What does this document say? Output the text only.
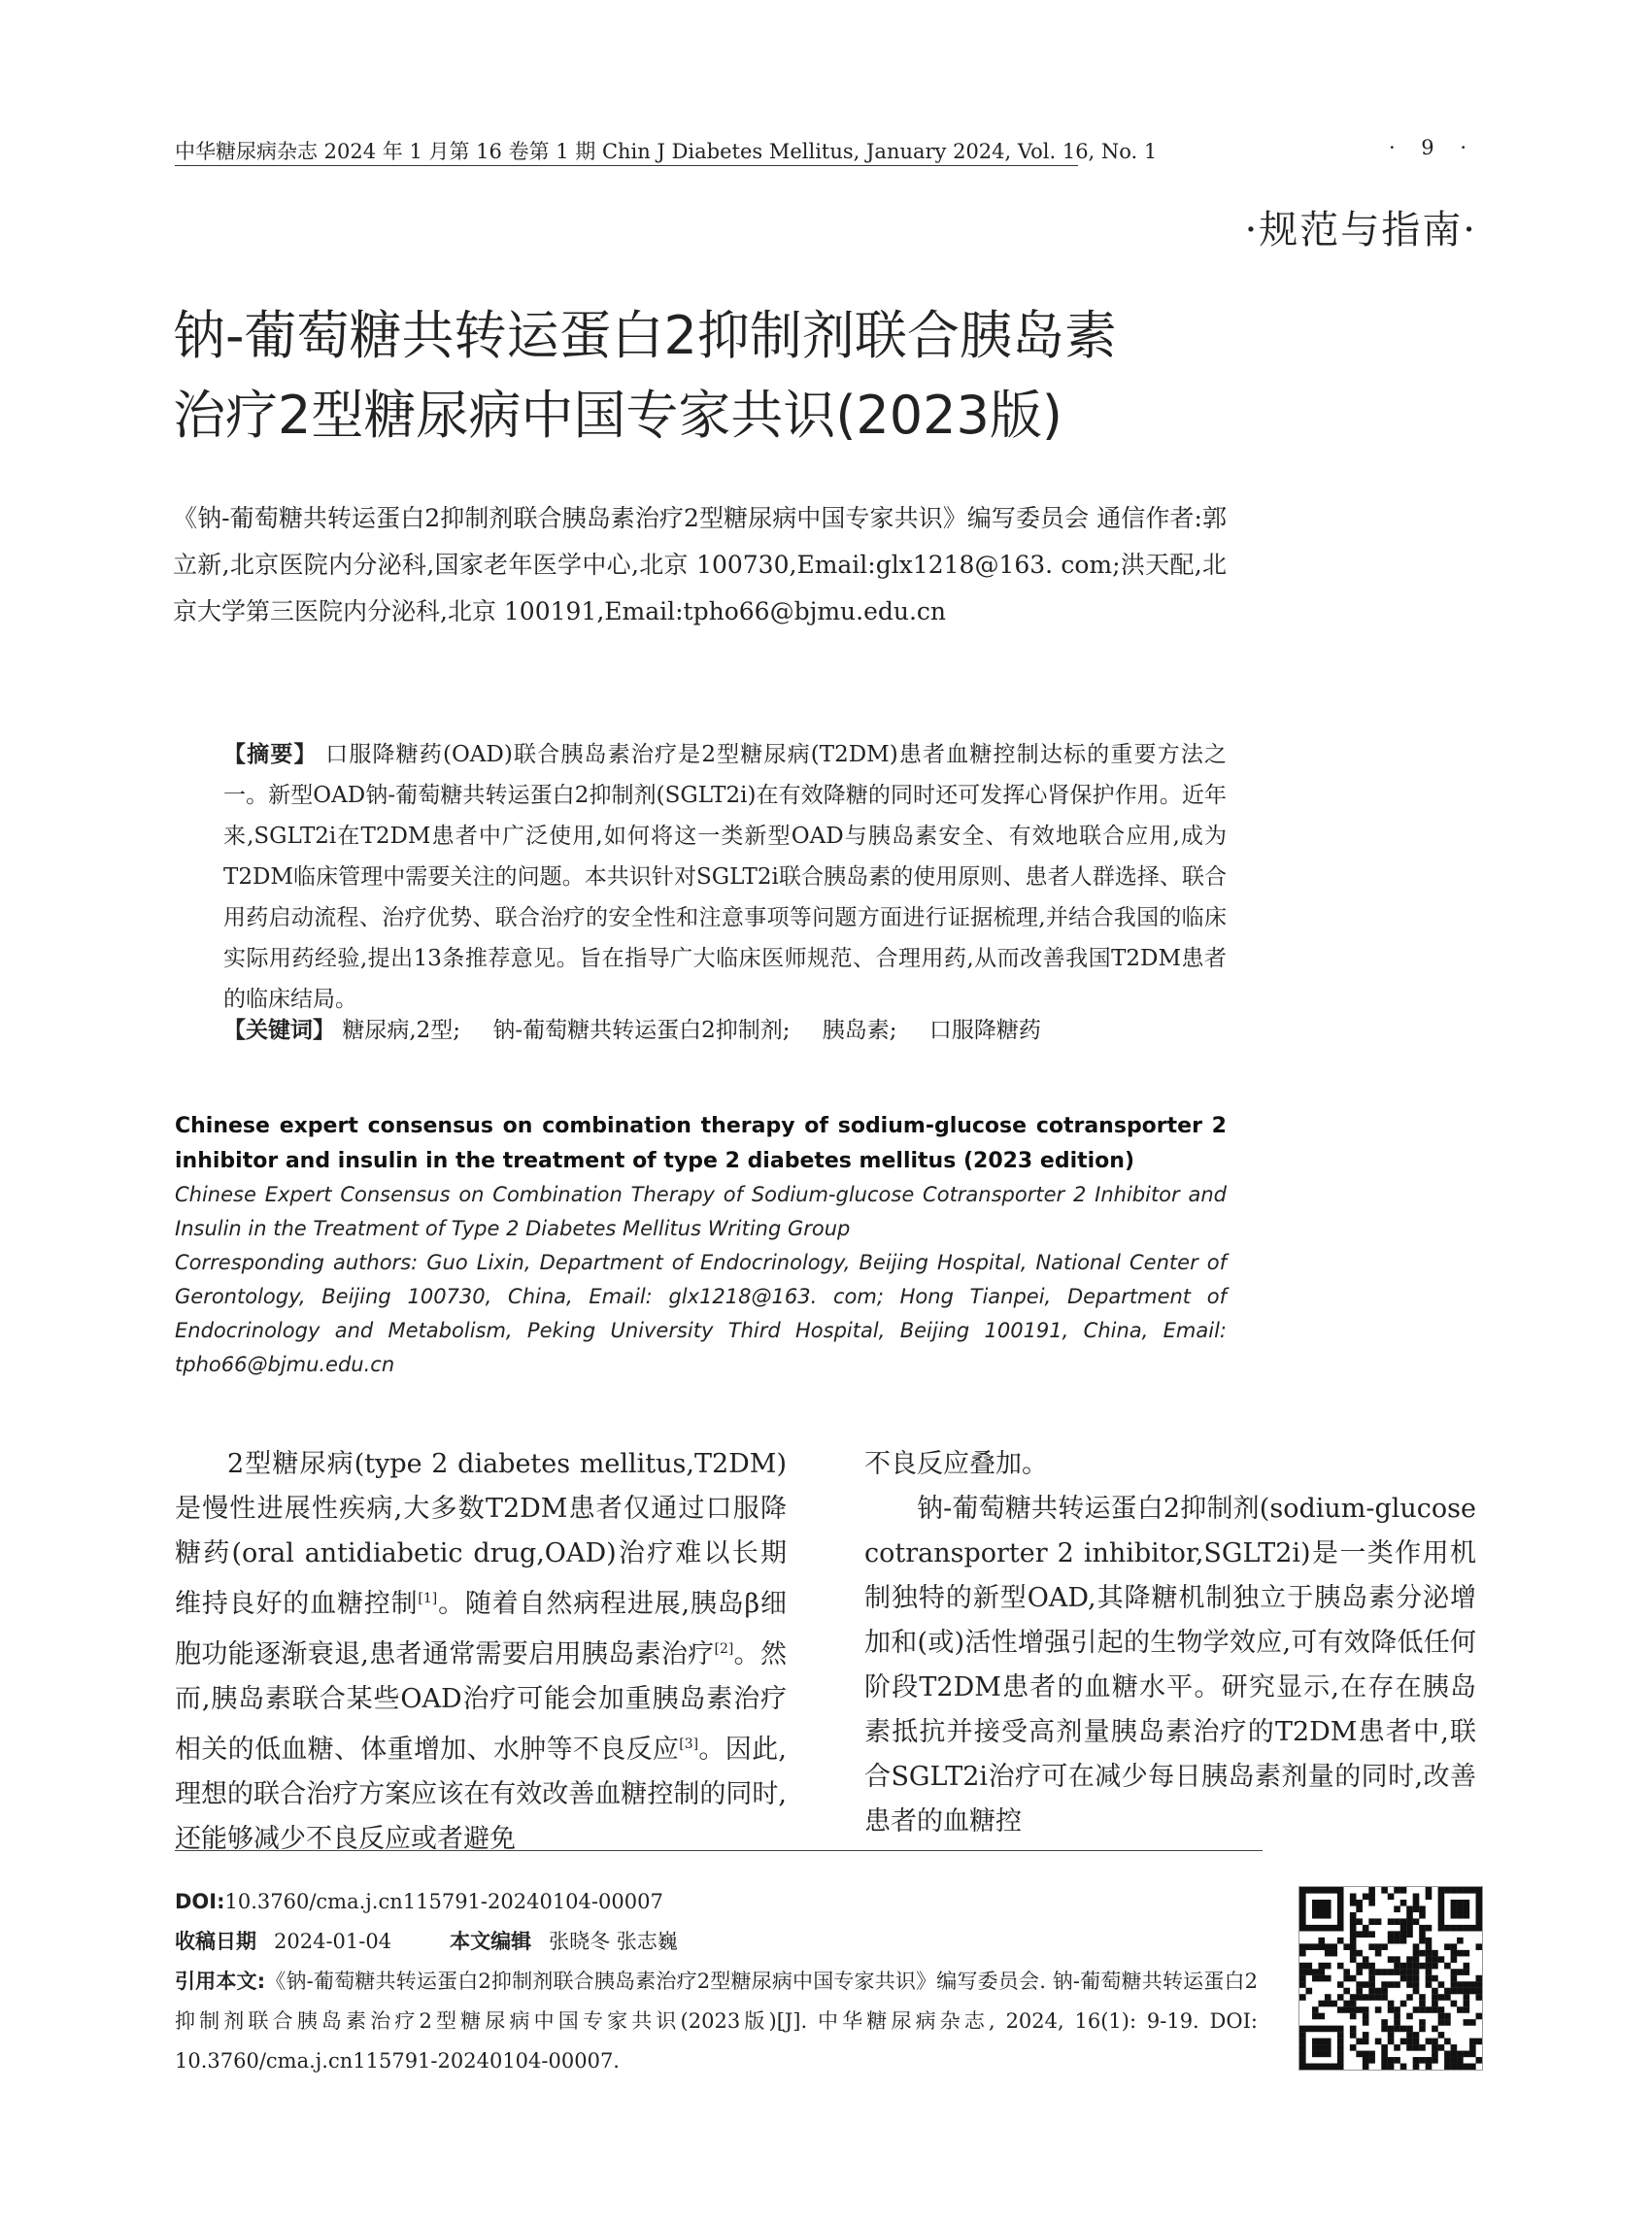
中华糖尿病杂志 2024 年 1 月第 16 卷第 1 期 Chin J Diabetes Mellitus, January 2024, Vol. 16, No. 1	· 9 ·
·规范与指南·
钠-葡萄糖共转运蛋白2抑制剂联合胰岛素
治疗2型糖尿病中国专家共识(2023版)
《钠-葡萄糖共转运蛋白2抑制剂联合胰岛素治疗2型糖尿病中国专家共识》编写委员会 通信作者:郭立新,北京医院内分泌科,国家老年医学中心,北京 100730,Email:glx1218@163. com;洪天配,北京大学第三医院内分泌科,北京 100191,Email:tpho66@bjmu.edu.cn
【摘要】 口服降糖药(OAD)联合胰岛素治疗是2型糖尿病(T2DM)患者血糖控制达标的重要方法之一。新型OAD钠-葡萄糖共转运蛋白2抑制剂(SGLT2i)在有效降糖的同时还可发挥心肾保护作用。近年来,SGLT2i在T2DM患者中广泛使用,如何将这一类新型OAD与胰岛素安全、有效地联合应用,成为T2DM临床管理中需要关注的问题。本共识针对SGLT2i联合胰岛素的使用原则、患者人群选择、联合用药启动流程、治疗优势、联合治疗的安全性和注意事项等问题方面进行证据梳理,并结合我国的临床实际用药经验,提出13条推荐意见。旨在指导广大临床医师规范、合理用药,从而改善我国T2DM患者的临床结局。
【关键词】 糖尿病,2型; 钠-葡萄糖共转运蛋白2抑制剂; 胰岛素; 口服降糖药
Chinese expert consensus on combination therapy of sodium-glucose cotransporter 2 inhibitor and insulin in the treatment of type 2 diabetes mellitus (2023 edition)
Chinese Expert Consensus on Combination Therapy of Sodium-glucose Cotransporter 2 Inhibitor and Insulin in the Treatment of Type 2 Diabetes Mellitus Writing Group
Corresponding authors: Guo Lixin, Department of Endocrinology, Beijing Hospital, National Center of Gerontology, Beijing 100730, China, Email: glx1218@163. com; Hong Tianpei, Department of Endocrinology and Metabolism, Peking University Third Hospital, Beijing 100191, China, Email: tpho66@bjmu.edu.cn

2型糖尿病(type 2 diabetes mellitus,T2DM)是慢性进展性疾病,大多数T2DM患者仅通过口服降糖药(oral antidiabetic drug,OAD)治疗难以长期维持良好的血糖控制[1]。随着自然病程进展,胰岛β细胞功能逐渐衰退,患者通常需要启用胰岛素治疗[2]。然而,胰岛素联合某些OAD治疗可能会加重胰岛素治疗相关的低血糖、体重增加、水肿等不良反应[3]。因此,理想的联合治疗方案应该在有效改善血糖控制的同时,还能够减少不良反应或者避免

不良反应叠加。

钠-葡萄糖共转运蛋白2抑制剂(sodium-glucose cotransporter 2 inhibitor,SGLT2i)是一类作用机制独特的新型OAD,其降糖机制独立于胰岛素分泌增加和(或)活性增强引起的生物学效应,可有效降低任何阶段T2DM患者的血糖水平。研究显示,在存在胰岛素抵抗并接受高剂量胰岛素治疗的T2DM患者中,联合SGLT2i治疗可在减少每日胰岛素剂量的同时,改善患者的血糖控

DOI:10.3760/cma.j.cn115791-20240104-00007
收稿日期 2024-01-04	本文编辑 张晓冬 张志巍
引用本文:《钠-葡萄糖共转运蛋白2抑制剂联合胰岛素治疗2型糖尿病中国专家共识》编写委员会. 钠-葡萄糖共转运蛋白2抑制剂联合胰岛素治疗2型糖尿病中国专家共识(2023版)[J]. 中华糖尿病杂志, 2024, 16(1): 9-19. DOI: 10.3760/cma.j.cn115791-20240104-00007.
